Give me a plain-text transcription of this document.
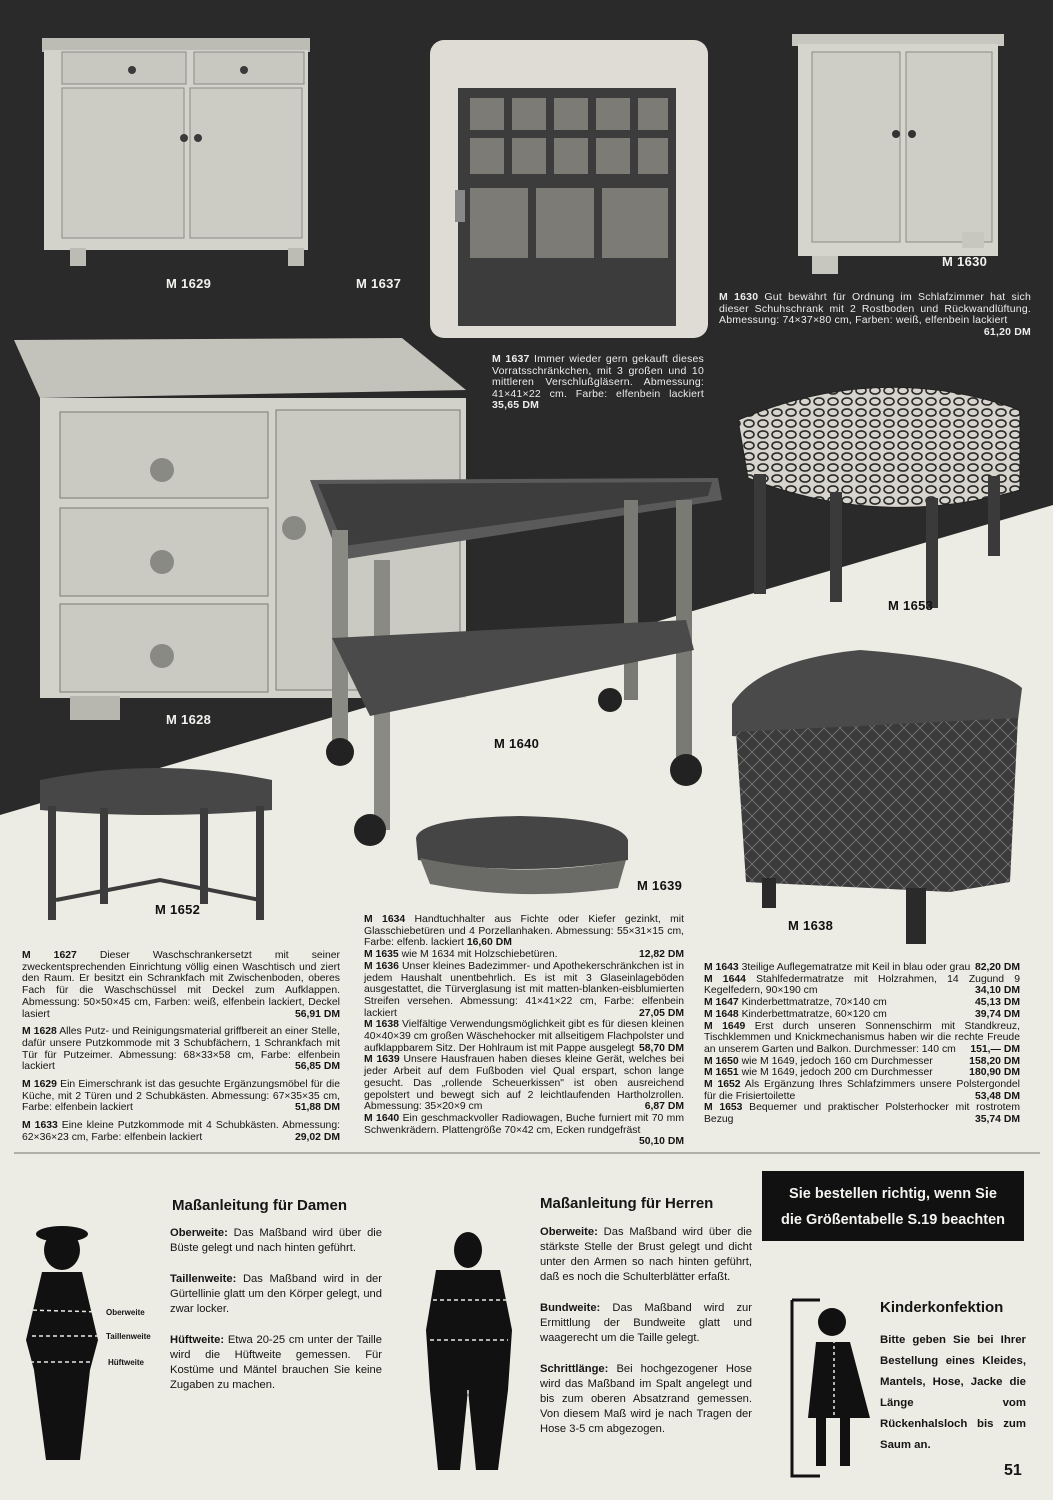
M 1629	M 1637
M 1630
M 1628
M 1640
M 1653
M 1652
M 1639
M 1638
M 1630 Gut bewährt für Ordnung im Schlafzimmer hat sich dieser Schuhschrank mit 2 Rostboden und Rückwandlüftung. Abmessung: 74×37×80 cm, Farben: weiß, elfenbein lackiert
61,20 DM
M 1637 Immer wieder gern gekauft dieses Vorratsschränkchen, mit 3 großen und 10 mittleren Verschlußgläsern. Abmessung: 41×41×22 cm. Farbe: elfenbein lackiert 35,65 DM

M 1627 Dieser Waschschrankersetzt mit seiner zweckentsprechenden Einrichtung völlig einen Waschtisch und ziert den Raum. Er besitzt ein Schrankfach mit Zwischenboden, oberes Fach für die Waschschüssel mit Deckel zum Aufklappen. Abmessung: 50×50×45 cm, Farben: weiß, elfenbein lackiert, Deckel lasiert	56,91 DM

M 1628 Alles Putz- und Reinigungsmaterial griffbereit an einer Stelle, dafür unsere Putzkommode mit 3 Schubfächern, 1 Schrankfach mit Tür für Putzeimer. Abmessung: 68×33×58 cm, Farbe: elfenbein lackiert	56,85 DM

M 1629 Ein Eimerschrank ist das gesuchte Ergänzungsmöbel für die Küche, mit 2 Türen und 2 Schubkästen. Abmessung: 67×35×35 cm, Farbe: elfenbein lackiert	51,88 DM

M 1633 Eine kleine Putzkommode mit 4 Schubkästen. Abmessung: 62×36×23 cm, Farbe: elfenbein lackiert	29,02 DM

M 1634 Handtuchhalter aus Fichte oder Kiefer gezinkt, mit Glasschiebetüren und 4 Porzellanhaken. Abmessung: 55×31×15 cm, Farbe: elfenb. lackiert 16,60 DM

M 1635 wie M 1634 mit Holzschiebetüren.	12,82 DM

M 1636 Unser kleines Badezimmer- und Apothekerschränkchen ist in jedem Haushalt unentbehrlich. Es ist mit 3 Glaseinlageböden ausgestattet, die Türverglasung ist mit matten-blanken-eisblumierten Streifen versehen. Abmessung: 41×41×22 cm, Farbe: elfenbein lackiert	27,05 DM

M 1638 Vielfältige Verwendungsmöglichkeit gibt es für diesen kleinen 40×40×39 cm großen Wäschehocker mit allseitigem Flachpolster und aufklappbarem Sitz. Der Hohlraum ist mit Pappe ausgelegt 58,70 DM

M 1639 Unsere Hausfrauen haben dieses kleine Gerät, welches bei jeder Arbeit auf dem Fußboden viel Qual erspart, schon lange gesucht. Das „rollende Scheuerkissen" ist oben ausreichend gepolstert und bewegt sich auf 2 leichtlaufenden Hartholzrollen. Abmessung: 35×20×9 cm	6,87 DM

M 1640 Ein geschmackvoller Radiowagen, Buche furniert mit 70 mm Schwenkrädern. Plattengröße 70×42 cm, Ecken rundgefräst
50,10 DM

M 1643 3teilige Auflegematratze mit Keil in blau oder grau 82,20 DM

M 1644 Stahlfedermatratze mit Holzrahmen, 14 Zugund 9 Kegelfedern, 90×190 cm	34,10 DM

M 1647 Kinderbettmatratze, 70×140 cm	45,13 DM

M 1648 Kinderbettmatratze, 60×120 cm	39,74 DM

M 1649 Erst durch unseren Sonnenschirm mit Standkreuz, Tischklemmen und Knickmechanismus haben wir die rechte Freude an unserem Garten und Balkon. Durchmesser: 140 cm 151,— DM

M 1650 wie M 1649, jedoch 160 cm Durchmesser	158,20 DM

M 1651 wie M 1649, jedoch 200 cm Durchmesser	180,90 DM

M 1652 Als Ergänzung Ihres Schlafzimmers unsere Polstergondel für die Frisiertoilette	53,48 DM

M 1653 Bequemer und praktischer Polsterhocker mit rostrotem Bezug	35,74 DM

Maßanleitung für Damen

Oberweite: Das Maßband wird über die Büste gelegt und nach hinten geführt.

Taillenweite: Das Maßband wird in der Gürtellinie glatt um den Körper gelegt, und zwar locker.

Hüftweite: Etwa 20-25 cm unter der Taille wird die Hüftweite gemessen. Für Kostüme und Mäntel brauchen Sie keine Zugaben zu machen.

Oberweite
Taillenweite
Hüftweite
Maßanleitung für Herren

Oberweite: Das Maßband wird über die stärkste Stelle der Brust gelegt und dicht unter den Armen so nach hinten geführt, daß es noch die Schulterblätter erfaßt.

Bundweite: Das Maßband wird zur Ermittlung der Bundweite glatt und waagerecht um die Taille gelegt.

Schrittlänge: Bei hochgezogener Hose wird das Maßband im Spalt angelegt und bis zum oberen Absatzrand gemessen. Von diesem Maß wird je nach Tragen der Hose 3-5 cm abgezogen.

Sie bestellen richtig, wenn Sie
die Größentabelle S.19 beachten
Kinderkonfektion
Bitte geben Sie bei Ihrer Bestellung eines Kleides, Mantels, Hose, Jacke die Länge vom Rückenhalsloch bis zum Saum an.
51
